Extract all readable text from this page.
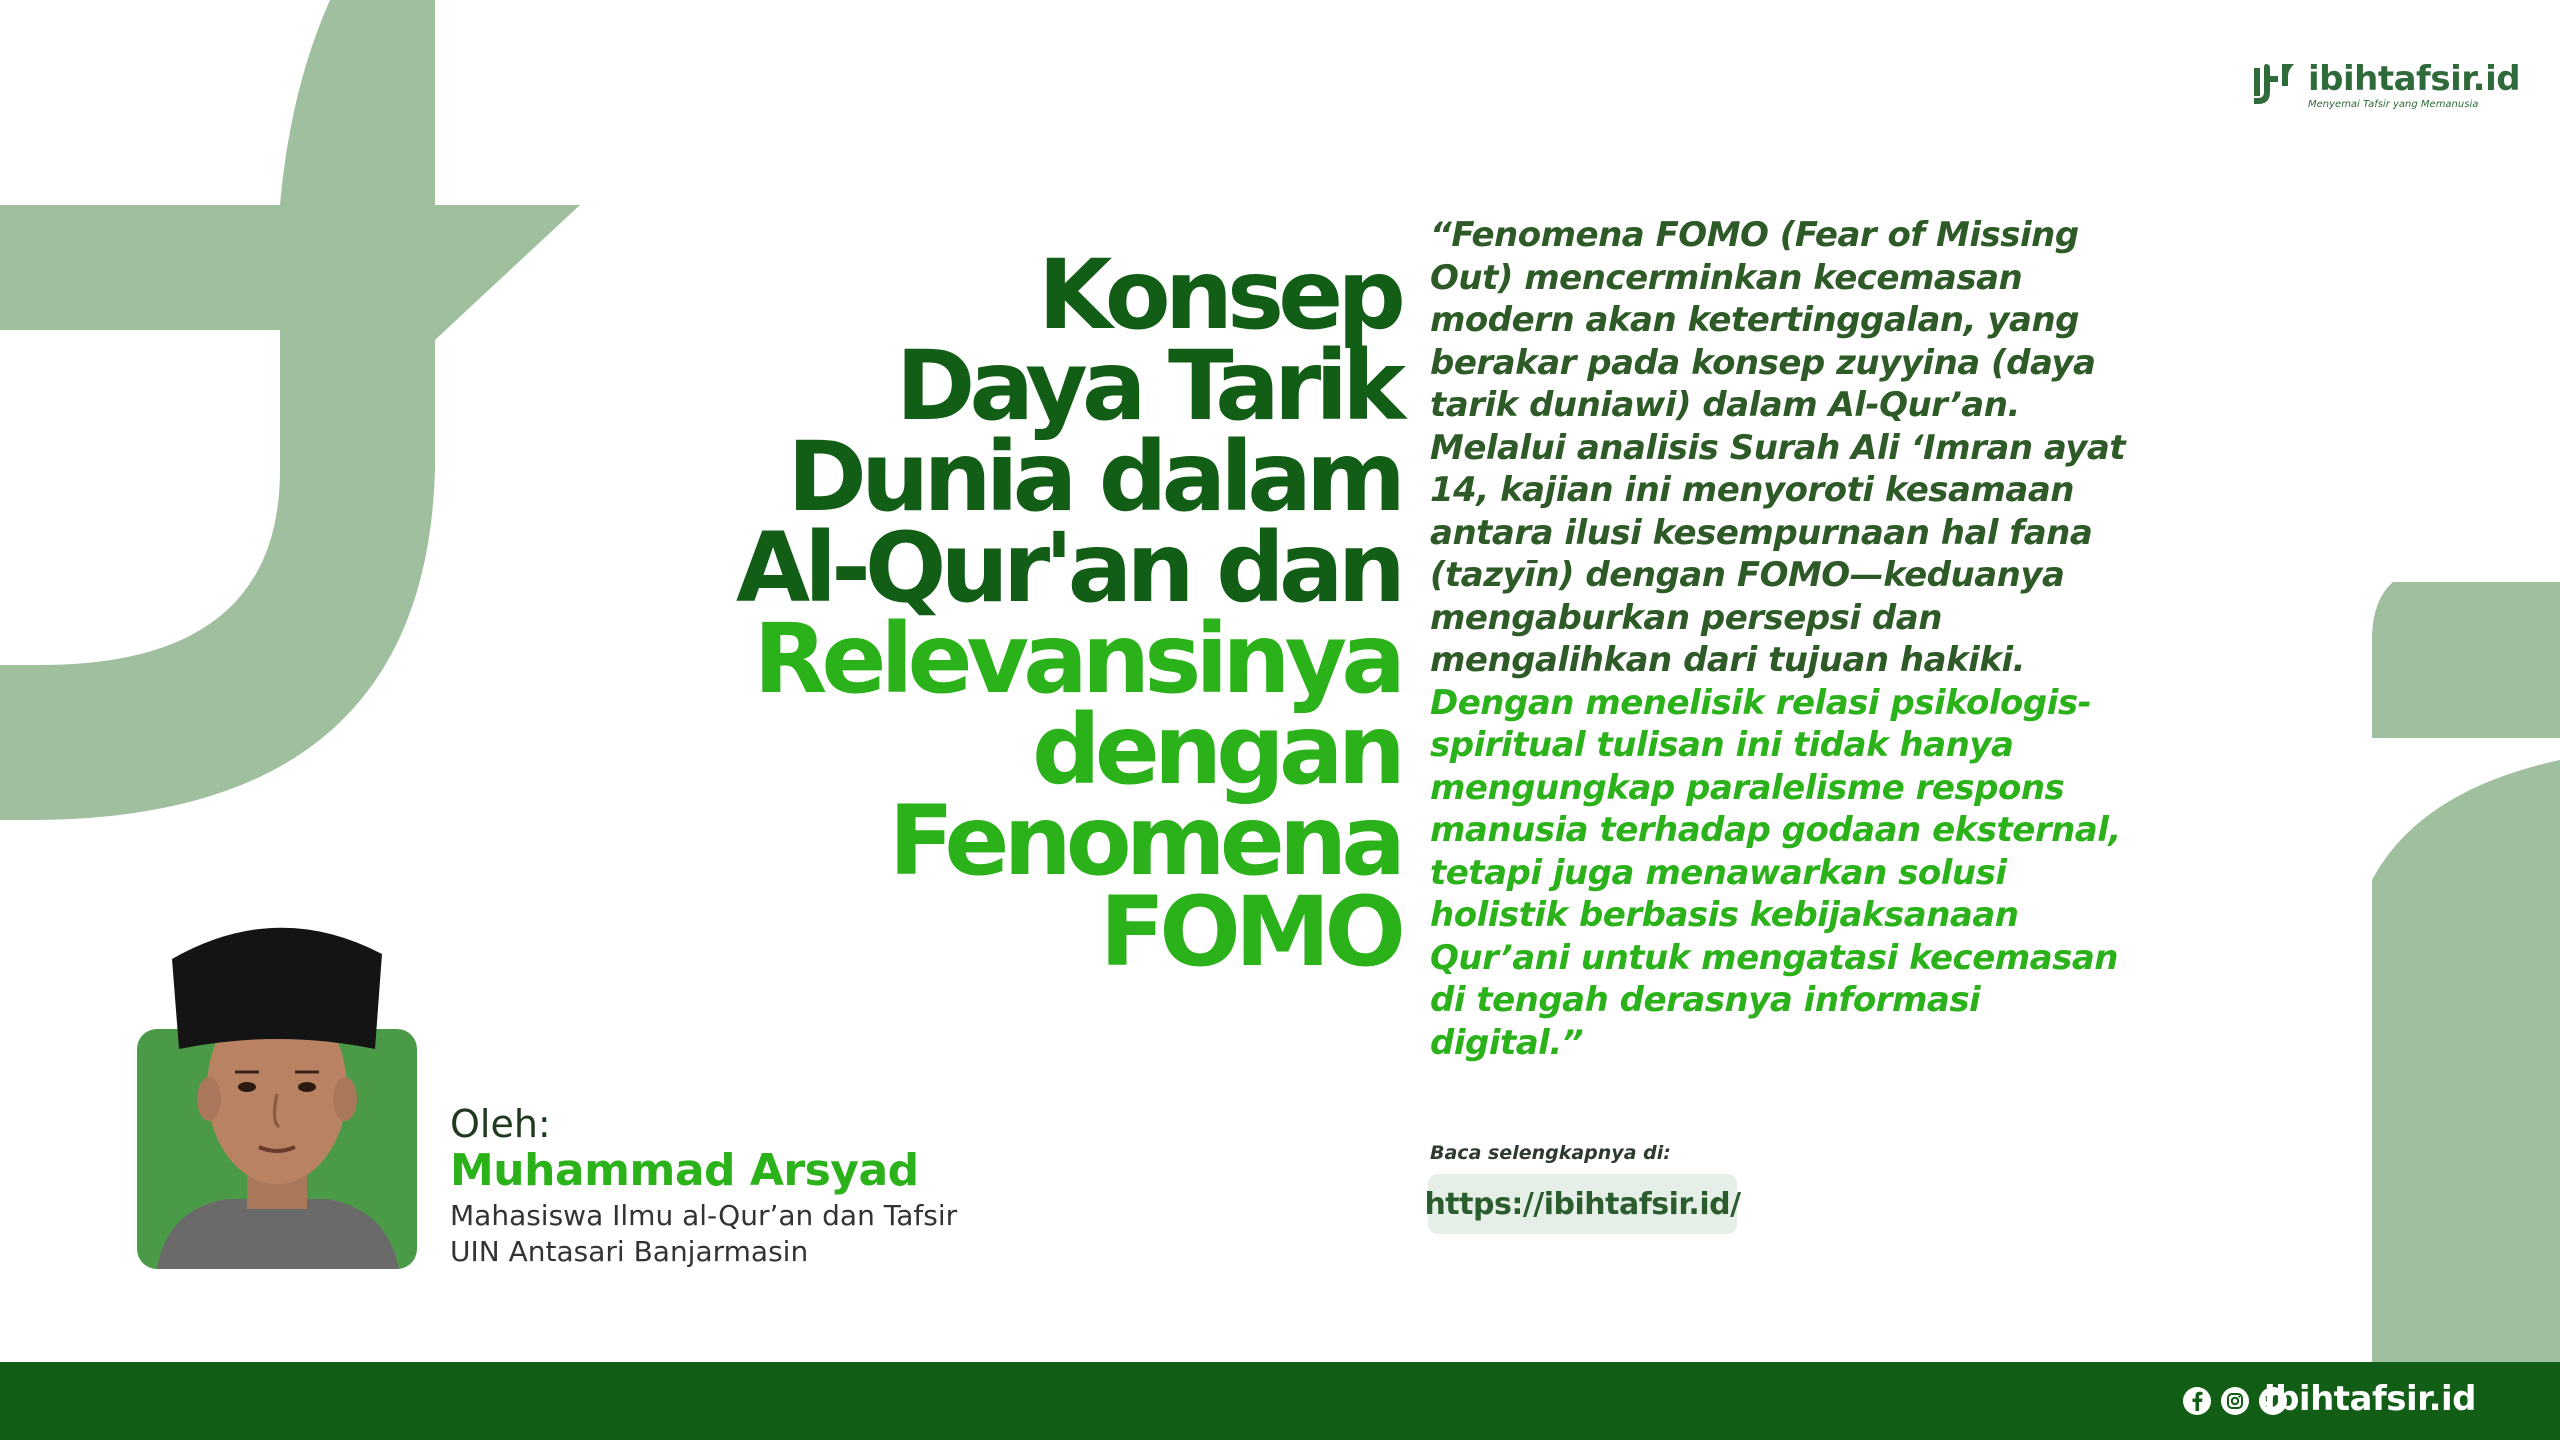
ibihtafsir.id
Menyemai Tafsir yang Memanusia
Konsep
Daya Tarik
Dunia dalam
Al-Qur'an dan
Relevansinya
dengan
Fenomena
FOMO
“Fenomena FOMO (Fear of Missing Out) mencerminkan kecemasan modern akan ketertinggalan, yang berakar pada konsep zuyyina (daya tarik duniawi) dalam Al-Qur’an. Melalui analisis Surah Ali ‘Imran ayat 14, kajian ini menyoroti kesamaan antara ilusi kesempurnaan hal fana (tazyīn) dengan FOMO—keduanya mengaburkan persepsi dan mengalihkan dari tujuan hakiki. Dengan menelisik relasi psikologis-spiritual tulisan ini tidak hanya mengungkap paralelisme respons manusia terhadap godaan eksternal, tetapi juga menawarkan solusi holistik berbasis kebijaksanaan Qur’ani untuk mengatasi kecemasan di tengah derasnya informasi digital.”
Baca selengkapnya di:
https://ibihtafsir.id/
Oleh:
Muhammad Arsyad
Mahasiswa Ilmu al-Qur’an dan Tafsir
UIN Antasari Banjarmasin
ibihtafsir.id
